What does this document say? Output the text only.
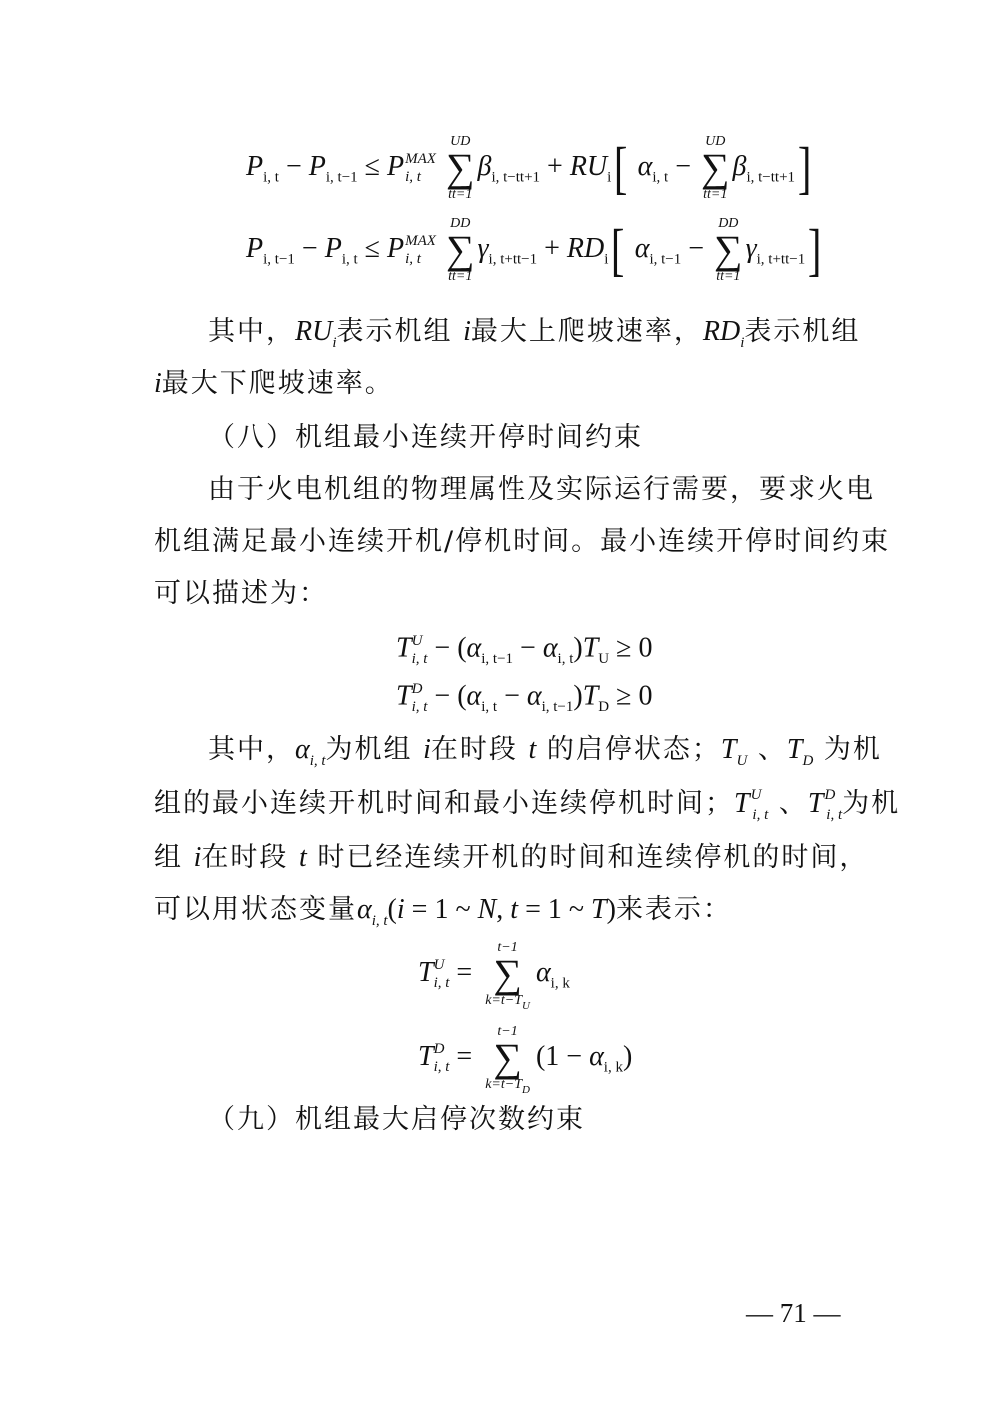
$P_{i, t} - P_{i, t-1} \le P$ MAX
i, t

UD
∑
tt=1
$\beta_{i, t-tt+1} + RU_i$[ $\alpha_{i, t}$ −
UD
∑
tt=1
$\beta_{i, t-tt+1}$]
$P_{i, t-1} - P_{i, t} \le P$ MAX
i, t

DD
∑
tt=1
$\gamma_{i, t+tt-1} + RD_i$[ $\alpha_{i, t-1}$ −
DD
∑
tt=1
$\gamma_{i, t+tt-1}$]
其中，$RU_i$表示机组 i最大上爬坡速率，$RD_i$表示机组
i最大下爬坡速率。
（八）机组最小连续开停时间约束
由于火电机组的物理属性及实际运行需要，要求火电
机组满足最小连续开机/停机时间。最小连续开停时间约束
可以描述为：
T U
i, $t - (\alpha_{i, t-1} - \alpha_{i, t})T_U \ge 0$
T D
i, $t - (\alpha_{i, t} - \alpha_{i, t-1})T_D \ge 0$
其中，$\alpha_{i, t}$为机组 i在时段 t 的启停状态；$T_U$ 、$T_D$ 为机
组的最小连续开机时间和最小连续停机时间；$T^U_{i, t}$ 、$T^D_{i, t}$为机
组 i在时段 t 时已经连续开机的时间和连续停机的时间，
可以用状态变量$\alpha_{i, t}(i = 1$ ~ N, t = 1 ~ T)来表示：
T U
i, t =
t−1
∑
$k=t-T_U$
$\alpha_{i, k}$
T D
i, t =
t−1
∑
$k=t-T_D$
$(1 - \alpha_{i, k})$
（九）机组最大启停次数约束
— 71 —
